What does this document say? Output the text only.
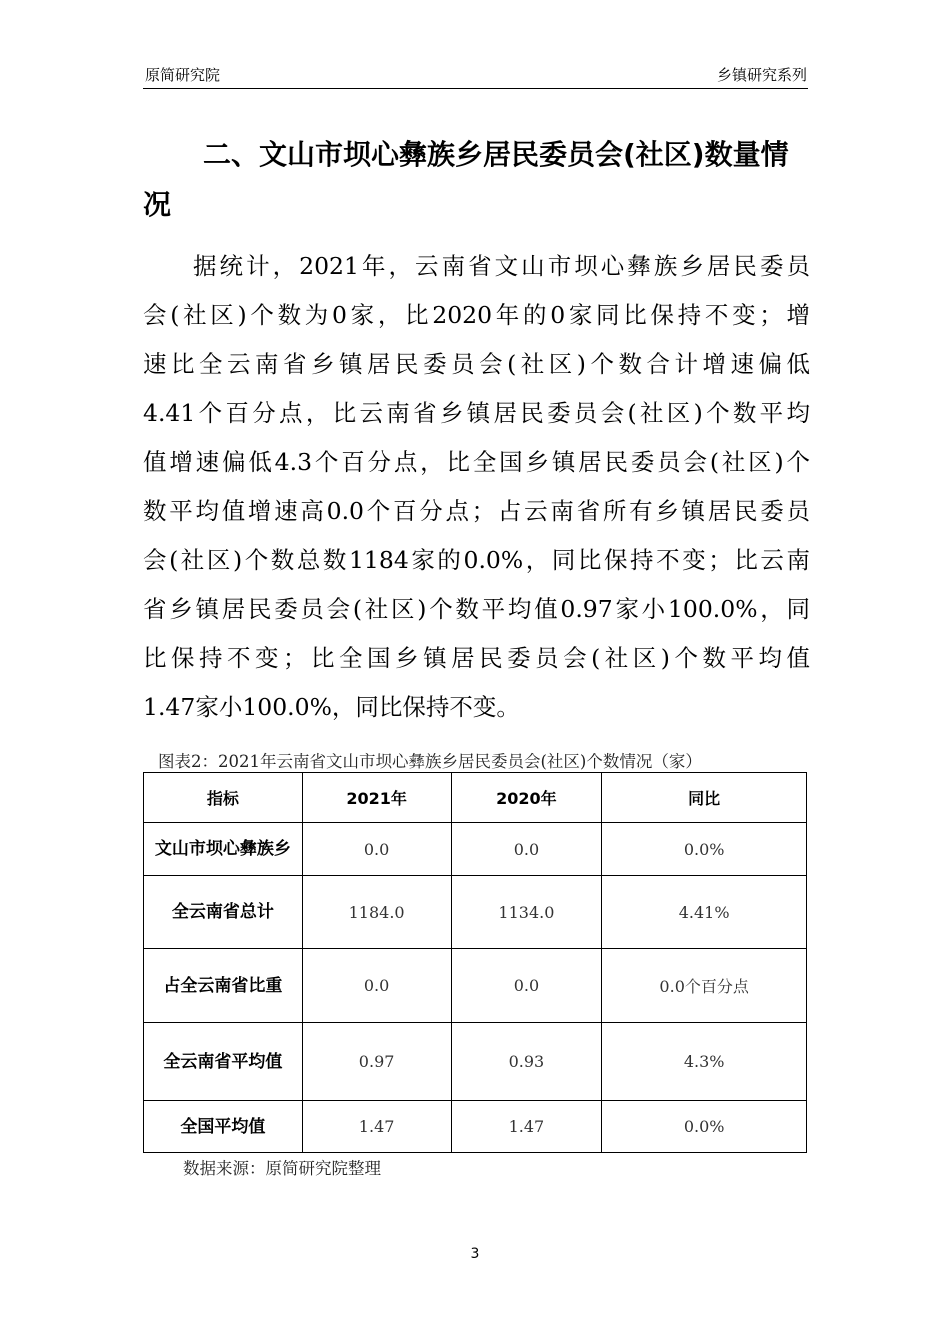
原简研究院	乡镇研究系列
二、文山市坝心彝族乡居民委员会(社区)数量情况
据统计，2021年，云南省文山市坝心彝族乡居民委员
会(社区)个数为0家，比2020年的0家同比保持不变；增
速比全云南省乡镇居民委员会(社区)个数合计增速偏低
4.41个百分点，比云南省乡镇居民委员会(社区)个数平均
值增速偏低4.3个百分点，比全国乡镇居民委员会(社区)个
数平均值增速高0.0个百分点；占云南省所有乡镇居民委员
会(社区)个数总数1184家的0.0%，同比保持不变；比云南
省乡镇居民委员会(社区)个数平均值0.97家小100.0%，同
比保持不变；比全国乡镇居民委员会(社区)个数平均值
1.47家小100.0%，同比保持不变。
图表2：2021年云南省文山市坝心彝族乡居民委员会(社区)个数情况（家）
指标	2021年	2020年	同比
文山市坝心彝族乡	0.0	0.0	0.0%
全云南省总计	1184.0	1134.0	4.41%
占全云南省比重	0.0	0.0	0.0个百分点
全云南省平均值	0.97	0.93	4.3%
全国平均值	1.47	1.47	0.0%
数据来源：原简研究院整理
3
